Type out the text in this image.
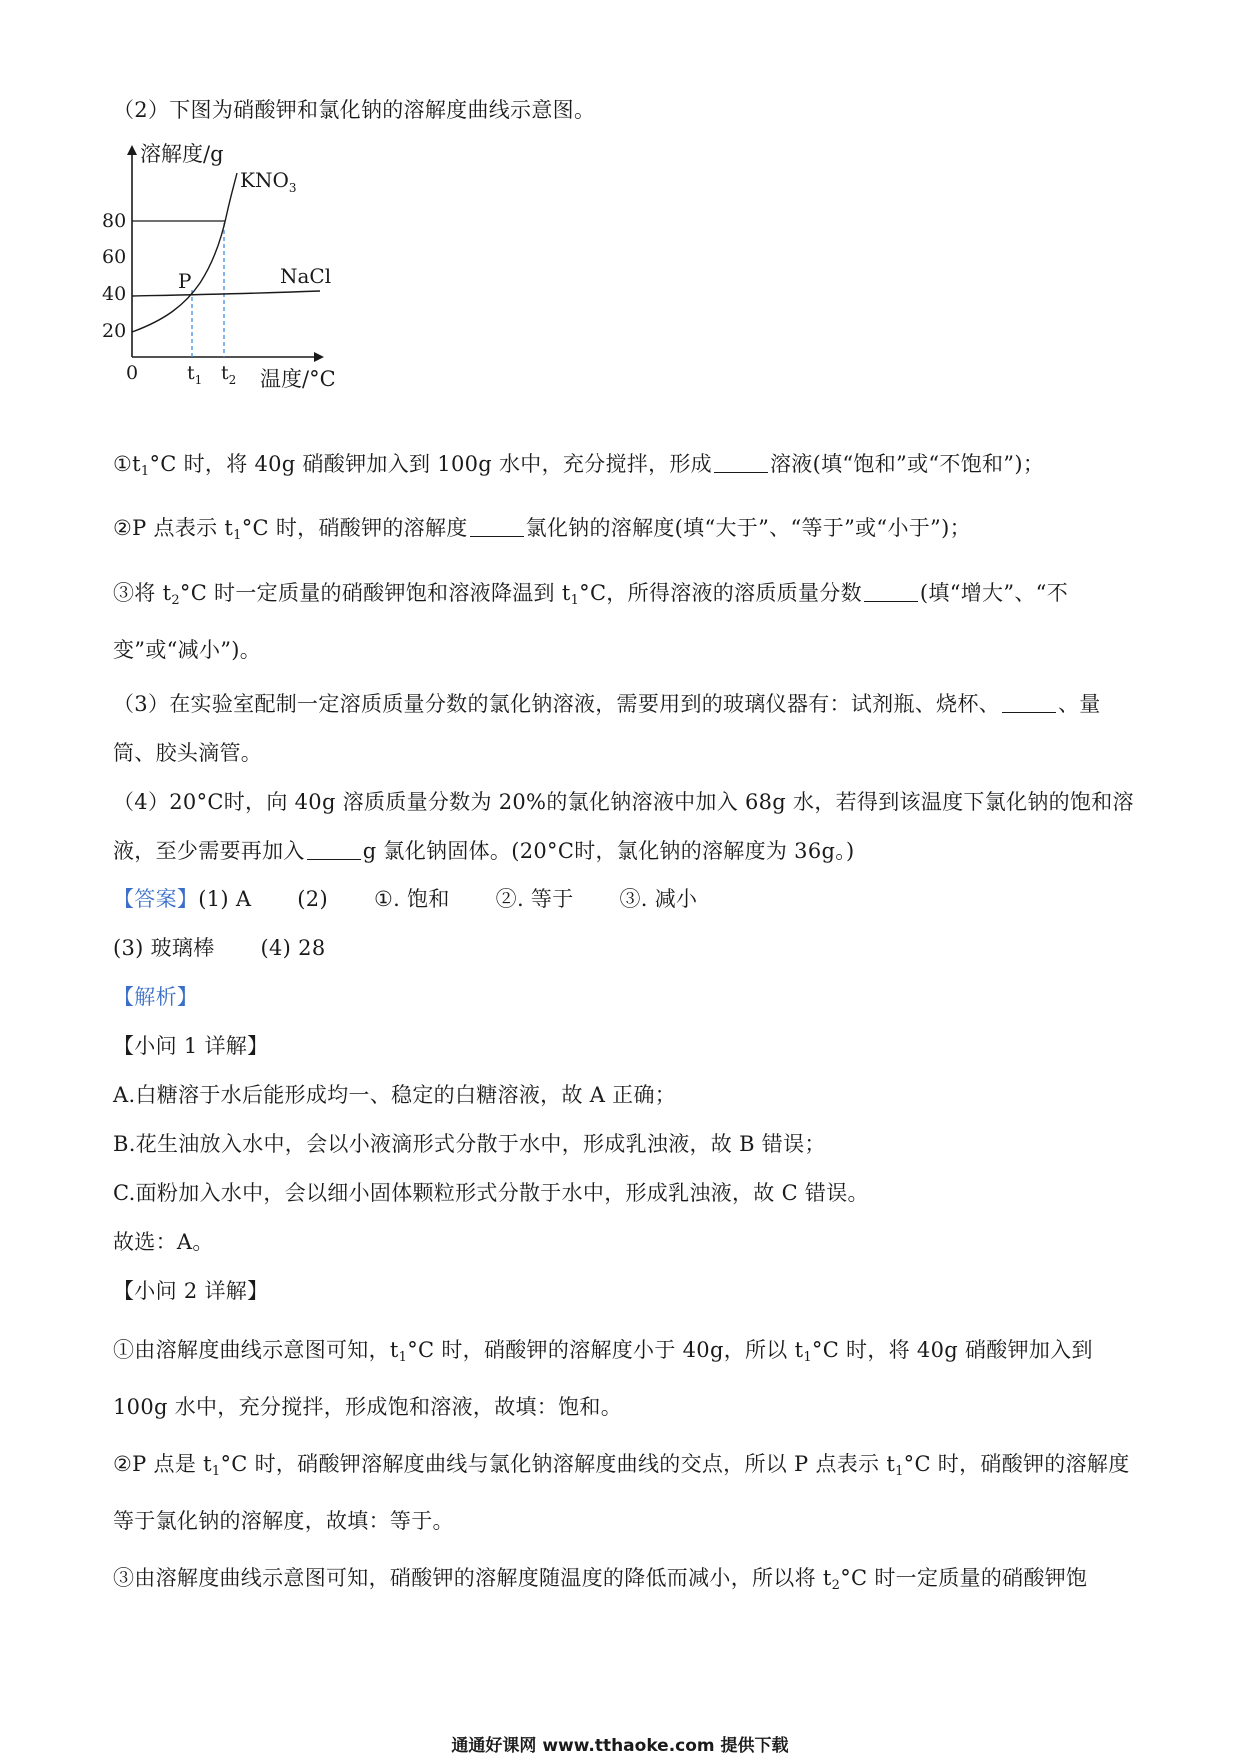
（2）下图为硝酸钾和氯化钠的溶解度曲线示意图。
溶解度/g
温度/°C
0
80
60
40
20
$t_1$ $t_2$
$KNO_3$
NaCl
P
$①t_1^\circ C$ 时，将 40g 硝酸钾加入到 100g 水中，充分搅拌，形成	溶液(填“饱和”或“不饱和”)；
②P 点表示 $t_1^\circ C$ 时，硝酸钾的溶解度	氯化钠的溶解度(填“大于”、“等于”或“小于”)；
③将 $t_2^\circ C$ 时一定质量的硝酸钾饱和溶液降温到 $t_1^\circ C$，所得溶液的溶质质量分数	(填“增大”、“不
变”或“减小”)。
（3）在实验室配制一定溶质质量分数的氯化钠溶液，需要用到的玻璃仪器有：试剂瓶、烧杯、	、量
筒、胶头滴管。
（4）20°C时，向 40g 溶质质量分数为 20%的氯化钠溶液中加入 68g 水，若得到该温度下氯化钠的饱和溶
液，至少需要再加入	g 氯化钠固体。(20°C时，氯化钠的溶解度为 36g。)
【答案】(1) A (2) ①. 饱和 ②. 等于 ③. 减小
(3) 玻璃棒 (4) 28
【解析】
【小问 1 详解】
A.白糖溶于水后能形成均一、稳定的白糖溶液，故 A 正确；
B.花生油放入水中，会以小液滴形式分散于水中，形成乳浊液，故 B 错误；
C.面粉加入水中，会以细小固体颗粒形式分散于水中，形成乳浊液，故 C 错误。
故选：A。
【小问 2 详解】
①由溶解度曲线示意图可知，$t_1^\circ C$ 时，硝酸钾的溶解度小于 40g，所以 $t_1^\circ C$ 时，将 40g 硝酸钾加入到
100g 水中，充分搅拌，形成饱和溶液，故填：饱和。
②P 点是 $t_1^\circ C$ 时，硝酸钾溶解度曲线与氯化钠溶解度曲线的交点，所以 P 点表示 $t_1^\circ C$ 时，硝酸钾的溶解度
等于氯化钠的溶解度，故填：等于。
③由溶解度曲线示意图可知，硝酸钾的溶解度随温度的降低而减小，所以将 $t_2^\circ C$ 时一定质量的硝酸钾饱
通通好课网 www.tthaoke.com 提供下载
